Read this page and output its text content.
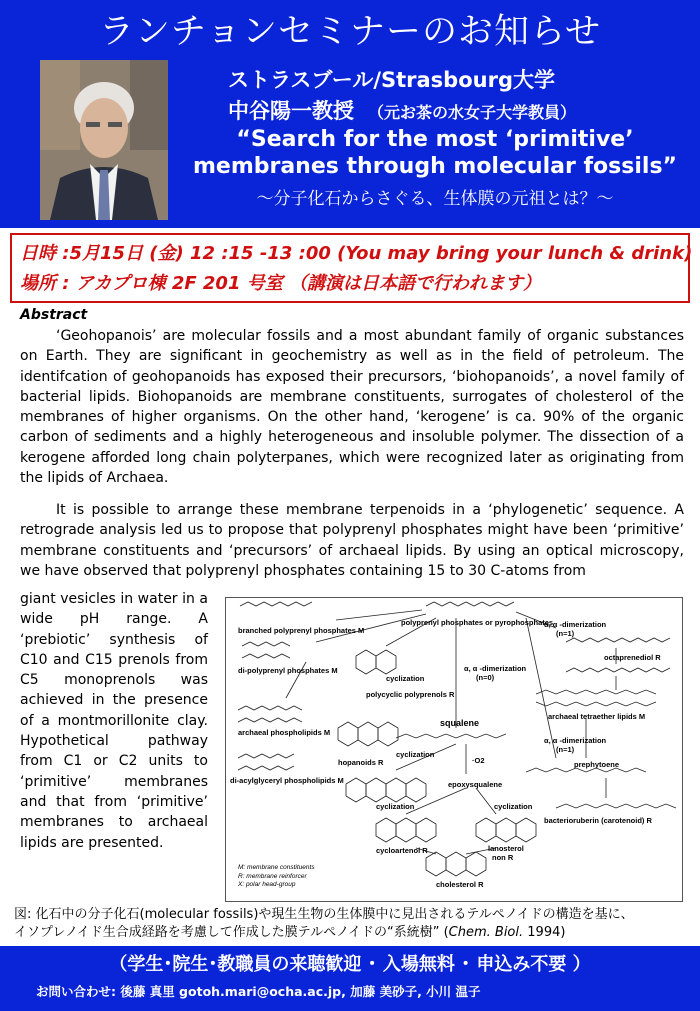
ランチョンセミナーのお知らせ
ストラスブール/Strasbourg大学
中谷陽一教授 （元お茶の水女子大学教員）
“Search for the most ‘primitive’
membranes through molecular fossils”
〜分子化石からさぐる、生体膜の元祖とは？〜
日時 :5月15日 (金) 12 :15 -13 :00 (You may bring your lunch & drink)
場所 : アカプロ棟 2F 201 号室 （講演は日本語で行われます）
Abstract
‘Geohopanois’ are molecular fossils and a most abundant family of organic substances on Earth. They are significant in geochemistry as well as in the field of petroleum. The identifcation of geohopanoids has exposed their precursors, ‘biohopanoids’, a novel family of bacterial lipids. Biohopanoids are membrane constituents, surrogates of cholesterol of the membranes of higher organisms. On the other hand, ‘kerogene’ is ca. 90% of the organic carbon of sediments and a highly heterogeneous and insoluble polymer. The dissection of a kerogene afforded long chain polyterpanes, which were recognized later as originating from the lipids of Archaea.
It is possible to arrange these membrane terpenoids in a ‘phylogenetic’ sequence. A retrograde analysis led us to propose that polyprenyl phosphates might have been ‘primitive’ membrane constituents and ‘precursors’ of archaeal lipids. By using an optical microscopy, we have observed that polyprenyl phosphates containing 15 to 30 C-atoms from
giant vesicles in water in a wide pH range. A ‘prebiotic’ synthesis of C10 and C15 prenols from C5 monoprenols was achieved in the presence of a montmorillonite clay. Hypothetical pathway from C1 or C2 units to ‘primitive’ membranes and that from ‘primitive’ membranes to archaeal lipids are presented.
branched polyprenyl phosphates M
polyprenyl phosphates or pyrophosphates
α, α -dimerization
(n=1)
octaprenediol R
di-polyprenyl phosphates M
cyclization
α, α -dimerization
(n=0)
polycyclic polyprenols R
archaeal tetraether lipids M
archaeal phospholipids M
squalene
α, α -dimerization
(n=1)
cyclization
·O2
di-acylglyceryl phospholipids M
hopanoids R	prephytoene
epoxysqualene
cyclization	cyclization
lanosterol
non R
cycloartenol R
cholesterol R
bacterioruberin (carotenoid) R
M: membrane constituents
R: membrane reinforcer
X: polar head-group
図: 化石中の分子化石(molecular fossils)や現生生物の生体膜中に見出されるテルペノイドの構造を基に、
イソプレノイド生合成経路を考慮して作成した膜テルペノイドの“系統樹” (Chem. Biol. 1994)
（学生･院生･教職員の来聴歓迎 ･ 入場無料 ･ 申込み不要 ）
お問い合わせ: 後藤 真里 gotoh.mari@ocha.ac.jp, 加藤 美砂子, 小川 温子
